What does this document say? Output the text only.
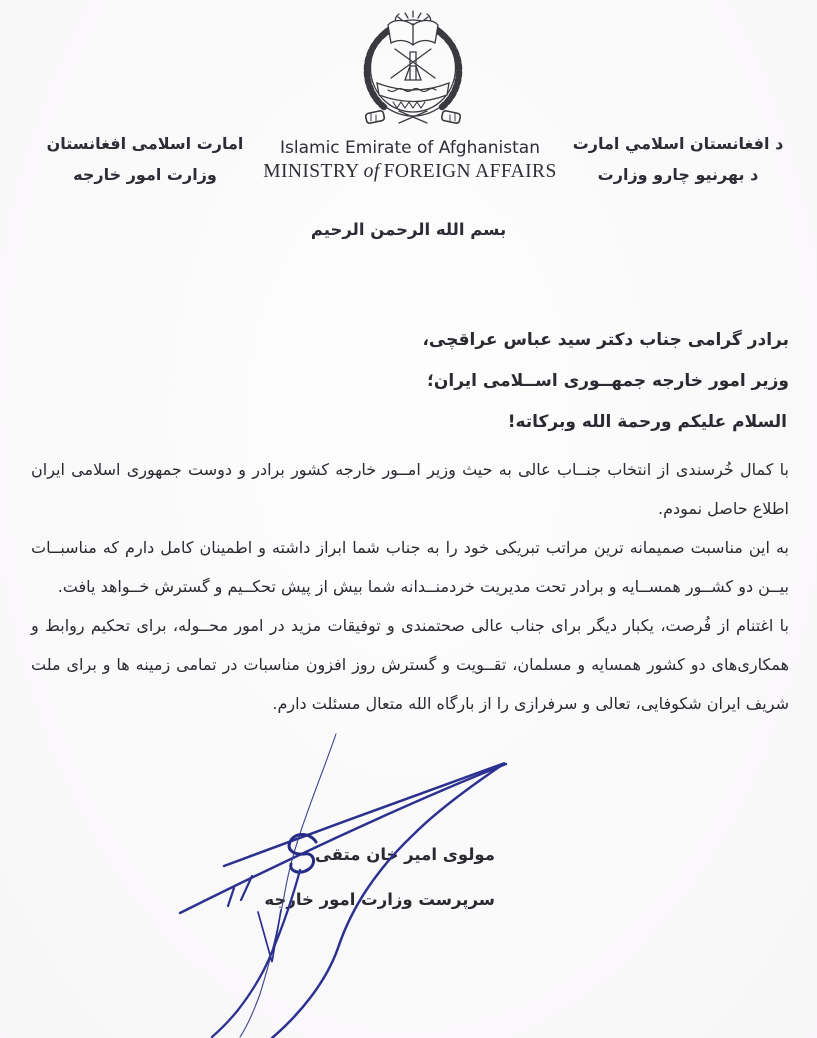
د افغانستان اسلامي امارت
د بهرنیو چارو وزارت
امارت اسلامی افغانستان
وزارت امور خارجه
Islamic Emirate of Afghanistan
MINISTRY of FOREIGN AFFAIRS
بسم الله الرحمن الرحیم
برادر گرامی جناب دکتر سید عباس عراقچی،
وزیر امور خارجه جمهــوری اســلامی ایران؛
السلام علیکم ورحمة الله وبرکاته!

با کمال خُرسندی از انتخاب جنــاب عالی به حیث وزیر امــور خارجه کشور برادر و دوست جمهوری اسلامی ایران اطلاع حاصل نمودم.

به این مناسبت صمیمانه ترین مراتب تبریکی خود را به جناب شما ابراز داشته و اطمینان کامل دارم که مناسبــات بیــن دو کشــور همســایه و برادر تحت مدیریت خردمنــدانه شما بیش از پیش تحکــیم و گسترش خــواهد یافت.

با اغتنام از فُرصت، یکبار دیگر برای جناب عالی صحتمندی و توفیقات مزید در امور محــوله، برای تحکیم روابط و همکاری‌های دو کشور همسایه و مسلمان، تقــویت و گسترش روز افزون مناسبات در تمامی زمینه ها و برای ملت شریف ایران شکوفایی، تعالی و سرفرازی را از بارگاه الله متعال مسئلت دارم.

مولوی امیر خان متقی
سرپرست وزارت امور خارجه
